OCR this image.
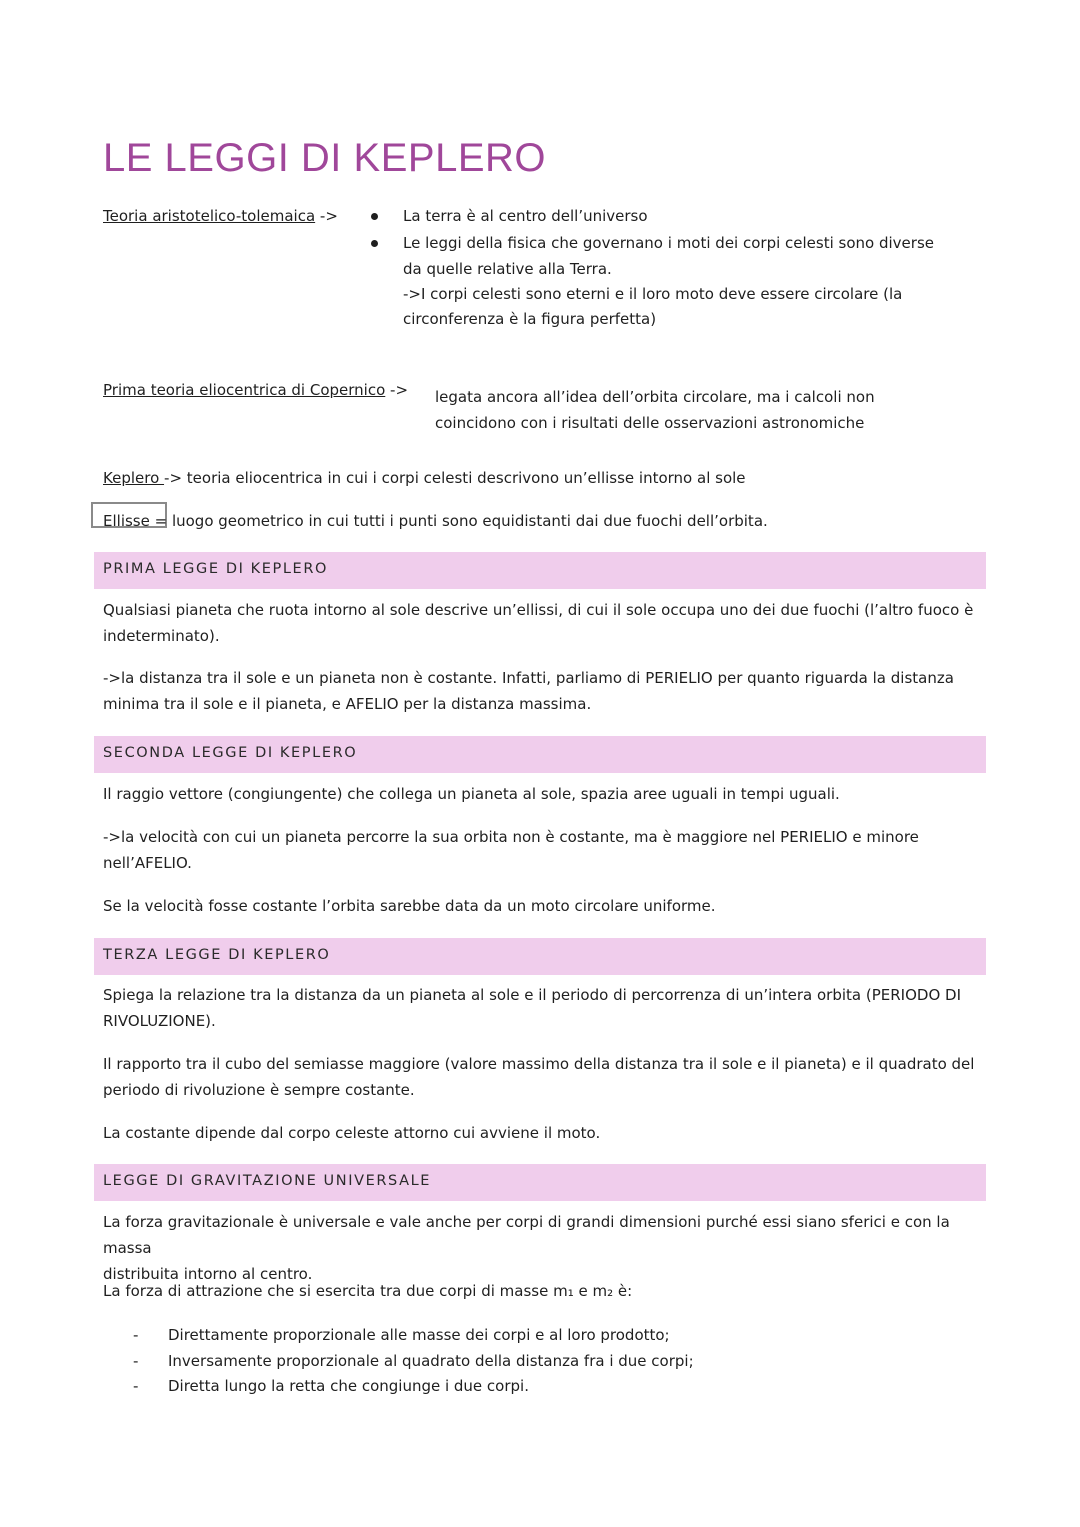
LE LEGGI DI KEPLERO
Teoria aristotelico-tolemaica ->	La terra è al centro dell’universo
Le leggi della fisica che governano i moti dei corpi celesti sono diverse
da quelle relative alla Terra.
->I corpi celesti sono eterni e il loro moto deve essere circolare (la
circonferenza è la figura perfetta)
Prima teoria eliocentrica di Copernico -> legata ancora all’idea dell’orbita circolare, ma i calcoli non
coincidono con i risultati delle osservazioni astronomiche
Keplero -> teoria eliocentrica in cui i corpi celesti descrivono un’ellisse intorno al sole
Ellisse = luogo geometrico in cui tutti i punti sono equidistanti dai due fuochi dell’orbita.
PRIMA LEGGE DI KEPLERO
Qualsiasi pianeta che ruota intorno al sole descrive un’ellissi, di cui il sole occupa uno dei due fuochi (l’altro fuoco è
indeterminato).
->la distanza tra il sole e un pianeta non è costante. Infatti, parliamo di PERIELIO per quanto riguarda la distanza
minima tra il sole e il pianeta, e AFELIO per la distanza massima.
SECONDA LEGGE DI KEPLERO
Il raggio vettore (congiungente) che collega un pianeta al sole, spazia aree uguali in tempi uguali.
->la velocità con cui un pianeta percorre la sua orbita non è costante, ma è maggiore nel PERIELIO e minore
nell’AFELIO.
Se la velocità fosse costante l’orbita sarebbe data da un moto circolare uniforme.
TERZA LEGGE DI KEPLERO
Spiega la relazione tra la distanza da un pianeta al sole e il periodo di percorrenza di un’intera orbita (PERIODO DI
RIVOLUZIONE).
Il rapporto tra il cubo del semiasse maggiore (valore massimo della distanza tra il sole e il pianeta) e il quadrato del
periodo di rivoluzione è sempre costante.
La costante dipende dal corpo celeste attorno cui avviene il moto.
LEGGE DI GRAVITAZIONE UNIVERSALE
La forza gravitazionale è universale e vale anche per corpi di grandi dimensioni purché essi siano sferici e con la massa
distribuita intorno al centro.
La forza di attrazione che si esercita tra due corpi di masse m₁ e m₂ è:
- Direttamente proporzionale alle masse dei corpi e al loro prodotto;
- Inversamente proporzionale al quadrato della distanza fra i due corpi;
- Diretta lungo la retta che congiunge i due corpi.
